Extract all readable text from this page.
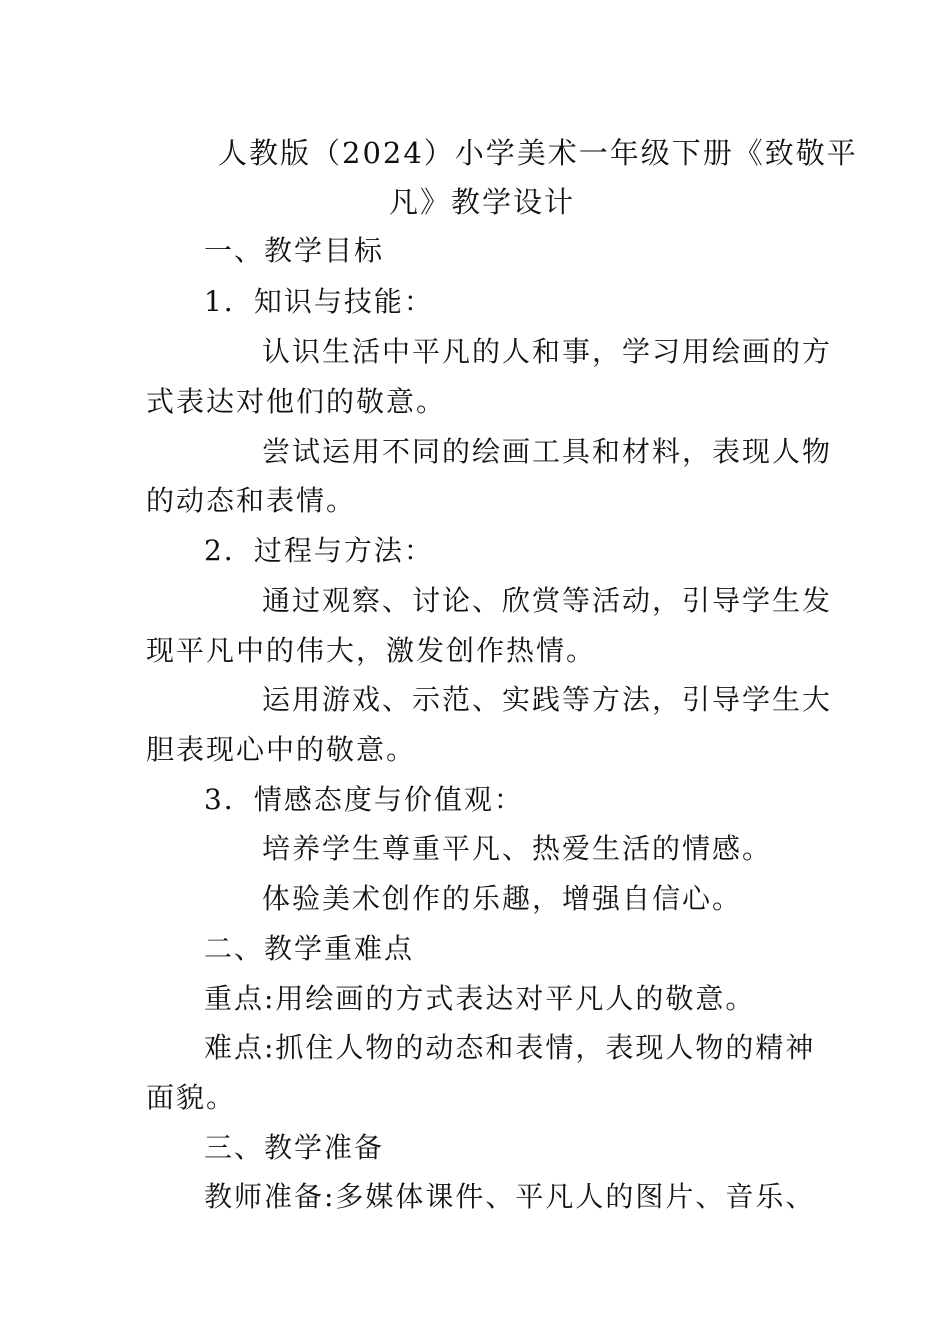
人教版（2024）小学美术一年级下册《致敬平
凡》教学设计
一、教学目标
1．知识与技能：
认识生活中平凡的人和事，学习用绘画的方
式表达对他们的敬意。
尝试运用不同的绘画工具和材料，表现人物
的动态和表情。
2．过程与方法：
通过观察、讨论、欣赏等活动，引导学生发
现平凡中的伟大，激发创作热情。
运用游戏、示范、实践等方法，引导学生大
胆表现心中的敬意。
3．情感态度与价值观：
培养学生尊重平凡、热爱生活的情感。
体验美术创作的乐趣，增强自信心。
二、教学重难点
重点:用绘画的方式表达对平凡人的敬意。
难点:抓住人物的动态和表情，表现人物的精神
面貌。
三、教学准备
教师准备:多媒体课件、平凡人的图片、音乐、
